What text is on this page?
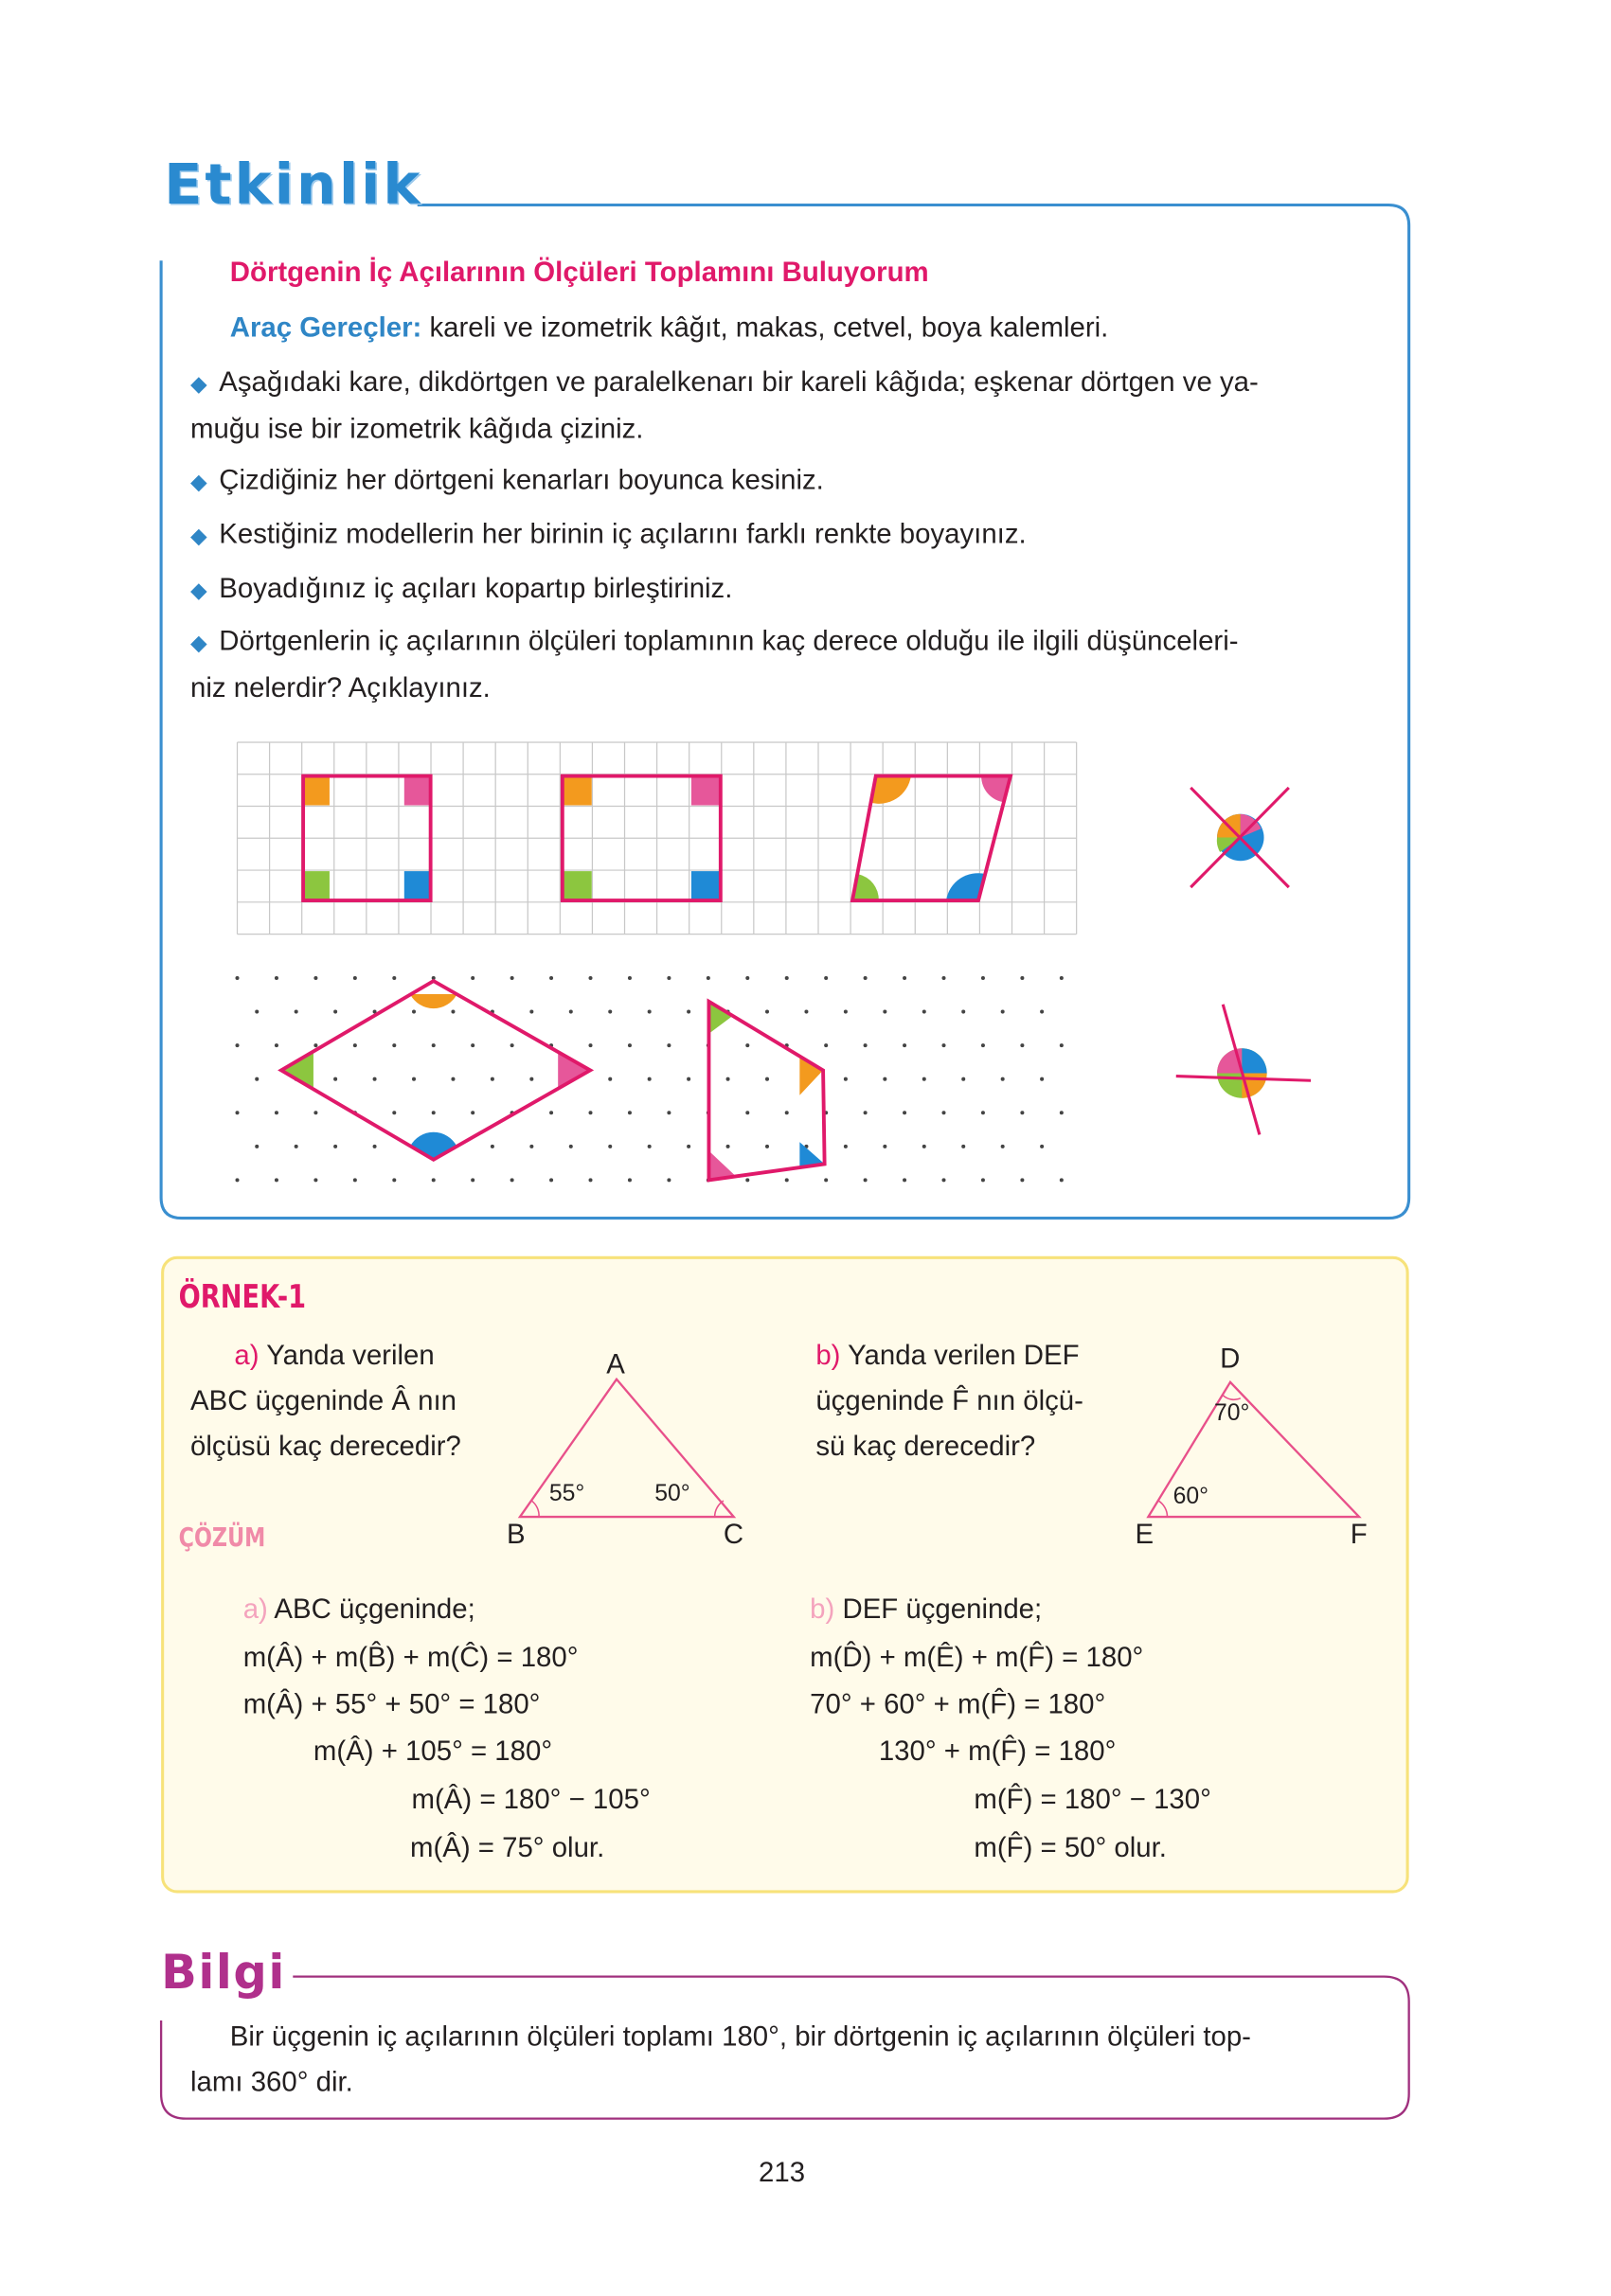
Etkinlik
Dörtgenin İç Açılarının Ölçüleri Toplamını Buluyorum
Araç Gereçler: kareli ve izometrik kâğıt, makas, cetvel, boya kalemleri.
◆ Aşağıdaki kare, dikdörtgen ve paralelkenarı bir kareli kâğıda; eşkenar dörtgen ve ya-
muğu ise bir izometrik kâğıda çiziniz.
◆ Çizdiğiniz her dörtgeni kenarları boyunca kesiniz.
◆ Kestiğiniz modellerin her birinin iç açılarını farklı renkte boyayınız.
◆ Boyadığınız iç açıları kopartıp birleştiriniz.
◆ Dörtgenlerin iç açılarının ölçüleri toplamının kaç derece olduğu ile ilgili düşünceleri-
niz nelerdir? Açıklayınız.
ÖRNEK-1
a) Yanda verilen
ABC üçgeninde Â nın
ölçüsü kaç derecedir?
A
B	C
55°	50°
b) Yanda verilen DEF
üçgeninde F̂ nın ölçü-
sü kaç derecedir?
D
E	F
70°
60°
ÇÖZÜM
a) ABC üçgeninde;
m(Â) + m(B̂) + m(Ĉ) = 180°
m(Â) + 55° + 50° = 180°
m(Â) + 105° = 180°
m(Â) = 180° − 105°
m(Â) = 75° olur.
b) DEF üçgeninde;
m(D̂) + m(Ê) + m(F̂) = 180°
70° + 60° + m(F̂) = 180°
130° + m(F̂) = 180°
m(F̂) = 180° − 130°
m(F̂) = 50° olur.
Bilgi
Bir üçgenin iç açılarının ölçüleri toplamı 180°, bir dörtgenin iç açılarının ölçüleri top-
lamı 360° dir.
213
